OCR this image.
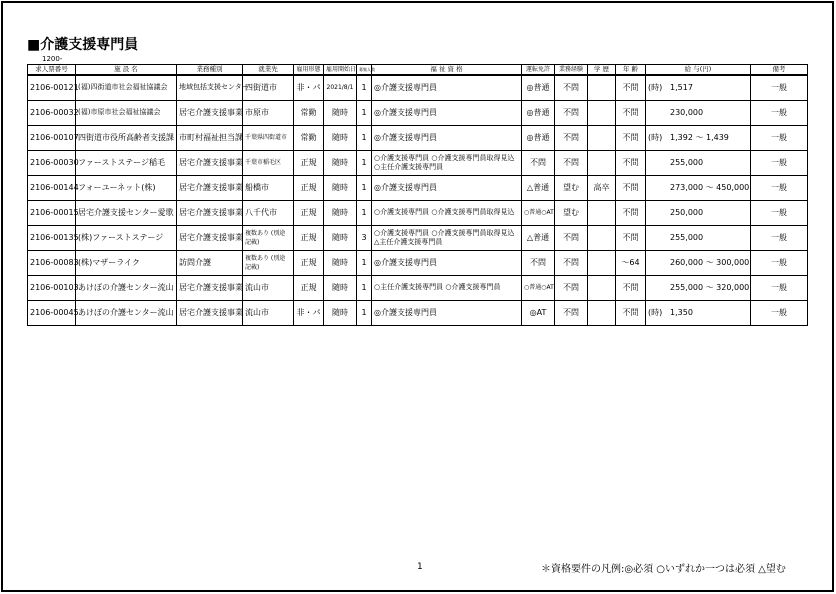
■介護支援専門員
1200-
求人票番号	施 設 名	業務種別	就業先	雇用形態	雇用開始日	募集人数	福 祉 資 格	運転免許	業務経験	学 歴	年 齢	給 与(円)	備考
2106-00121	(福)四街道市社会福祉協議会	地域包括支援センター	四街道市	非・パ	2021/8/1	1	◎介護支援専門員	◎普通	不問		不問	(時) 1,517	一般
2106-00032	(福)市原市社会福祉協議会	居宅介護支援事業	市原市	常勤	随時	1	◎介護支援専門員	◎普通	不問		不問	230,000	一般
2106-00107	四街道市役所高齢者支援課	市町村福祉担当課	千葉県四街道市	常勤	随時	1	◎介護支援専門員	◎普通	不問		不問	(時) 1,392 〜 1,439	一般
2106-00030	ファーストステージ稲毛	居宅介護支援事業	千葉市稲毛区	正規	随時	1	○介護支援専門員 ○介護支援専門員取得見込 ○主任介護支援専門員	不問	不問		不問	255,000	一般
2106-00144	フォーユーネット(株)	居宅介護支援事業	船橋市	正規	随時	1	◎介護支援専門員	△普通	望む	高卒	不問	273,000 〜 450,000	一般
2106-00015	居宅介護支援センター愛歌	居宅介護支援事業	八千代市	正規	随時	1	○介護支援専門員 ○介護支援専門員取得見込	○普通○AT	望む		不問	250,000	一般
2106-00135	(株)ファーストステージ	居宅介護支援事業	複数あり (別途記載)	正規	随時	3	○介護支援専門員 ○介護支援専門員取得見込 △主任介護支援専門員	△普通	不問		不問	255,000	一般
2106-00083	(株)マザーライク	訪問介護	複数あり (別途記載)	正規	随時	1	◎介護支援専門員	不問	不問		〜64	260,000 〜 300,000	一般
2106-00103	あけぼの介護センター流山	居宅介護支援事業	流山市	正規	随時	1	○主任介護支援専門員 ○介護支援専門員	○普通○AT	不問		不問	255,000 〜 320,000	一般
2106-00045	あけぼの介護センター流山	居宅介護支援事業	流山市	非・パ	随時	1	◎介護支援専門員	◎AT	不問		不問	(時) 1,350	一般
1	＊資格要件の凡例:◎必須 ○いずれか一つは必須 △望む
